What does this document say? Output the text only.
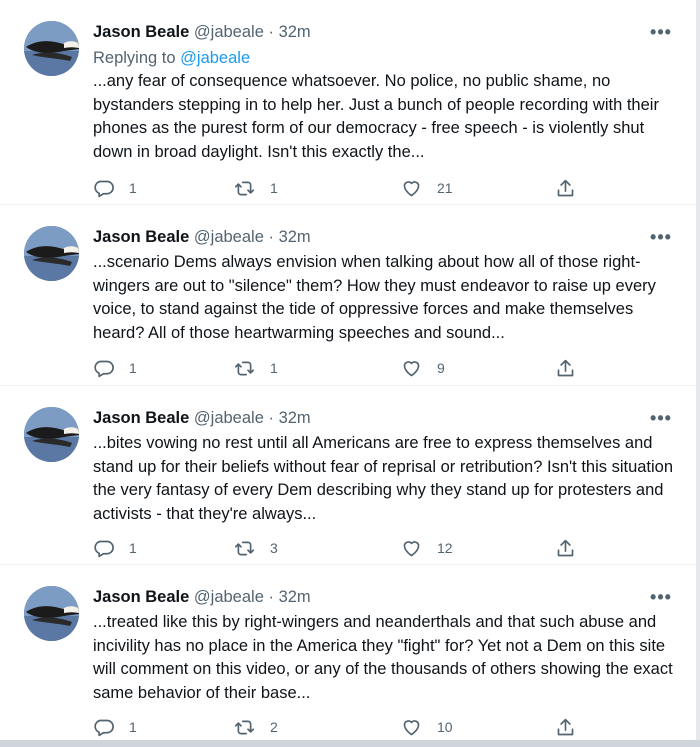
Jason Beale @jabeale · 32m	•••
Replying to @jabeale
...any fear of consequence whatsoever. No police, no public shame, no bystanders stepping in to help her. Just a bunch of people recording with their phones as the purest form of our democracy - free speech - is violently shut down in broad daylight. Isn't this exactly the...
1	1	21
Jason Beale @jabeale · 32m	•••
...scenario Dems always envision when talking about how all of those right-wingers are out to "silence" them? How they must endeavor to raise up every voice, to stand against the tide of oppressive forces and make themselves heard? All of those heartwarming speeches and sound...
1	1	9
Jason Beale @jabeale · 32m	•••
...bites vowing no rest until all Americans are free to express themselves and stand up for their beliefs without fear of reprisal or retribution? Isn't this situation the very fantasy of every Dem describing why they stand up for protesters and activists - that they're always...
1	3	12
Jason Beale @jabeale · 32m	•••
...treated like this by right-wingers and neanderthals and that such abuse and incivility has no place in the America they "fight" for? Yet not a Dem on this site will comment on this video, or any of the thousands of others showing the exact same behavior of their base...
1	2	10
